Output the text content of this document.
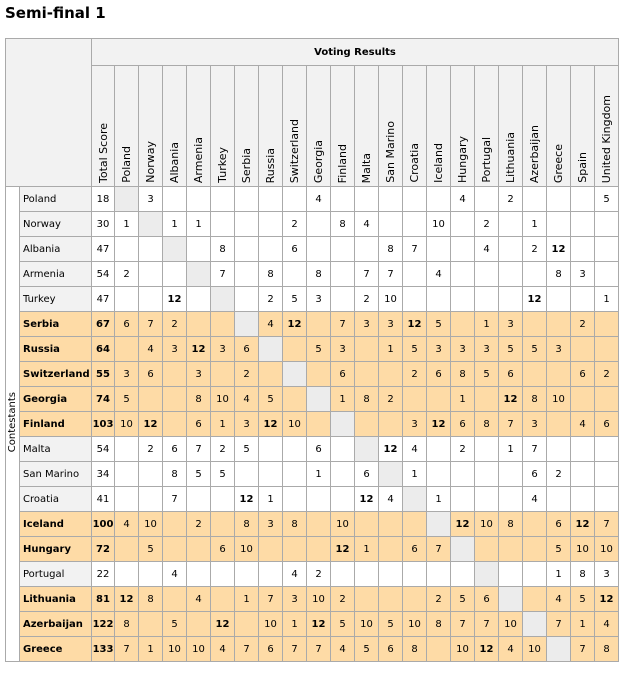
Semi-final 1
		Voting Results																					
		Total Score	Poland	Norway	Albania	Armenia	Turkey	Serbia	Russia	Switzerland	Georgia	Finland	Malta	San Marino	Croatia	Iceland	Hungary	Portugal	Lithuania	Azerbaijan	Greece	Spain	United Kingdom
Contestants	Poland	18		3							4						4		2				5
	Norway	30	1		1	1				2		8	4			10		2		1			
	Albania	47					8			6				8	7			4		2	12		
	Armenia	54	2				7		8		8		7	7		4					8	3	
	Turkey	47			12				2	5	3		2	10						12			1
	Serbia	67	6	7	2				4	12		7	3	3	12	5		1	3			2	
	Russia	64		4	3	12	3	6			5	3		1	5	3	3	3	5	5	3		
	Switzerland	55	3	6		3		2				6			2	6	8	5	6			6	2
	Georgia	74	5			8	10	4	5			1	8	2			1		12	8	10		
	Finland	103	10	12		6	1	3	12	10					3	12	6	8	7	3		4	6
	Malta	54		2	6	7	2	5			6			12	4		2		1	7			
	San Marino	34			8	5	5				1		6		1					6	2		
	Croatia	41			7			12	1				12	4		1				4			
	Iceland	100	4	10		2		8	3	8		10					12	10	8		6	12	7
	Hungary	72		5			6	10				12	1		6	7					5	10	10
	Portugal	22			4					4	2										1	8	3
	Lithuania	81	12	8		4		1	7	3	10	2				2	5	6			4	5	12
	Azerbaijan	122	8		5		12		10	1	12	5	10	5	10	8	7	7	10		7	1	4
	Greece	133	7	1	10	10	4	7	6	7	7	4	5	6	8		10	12	4	10		7	8
